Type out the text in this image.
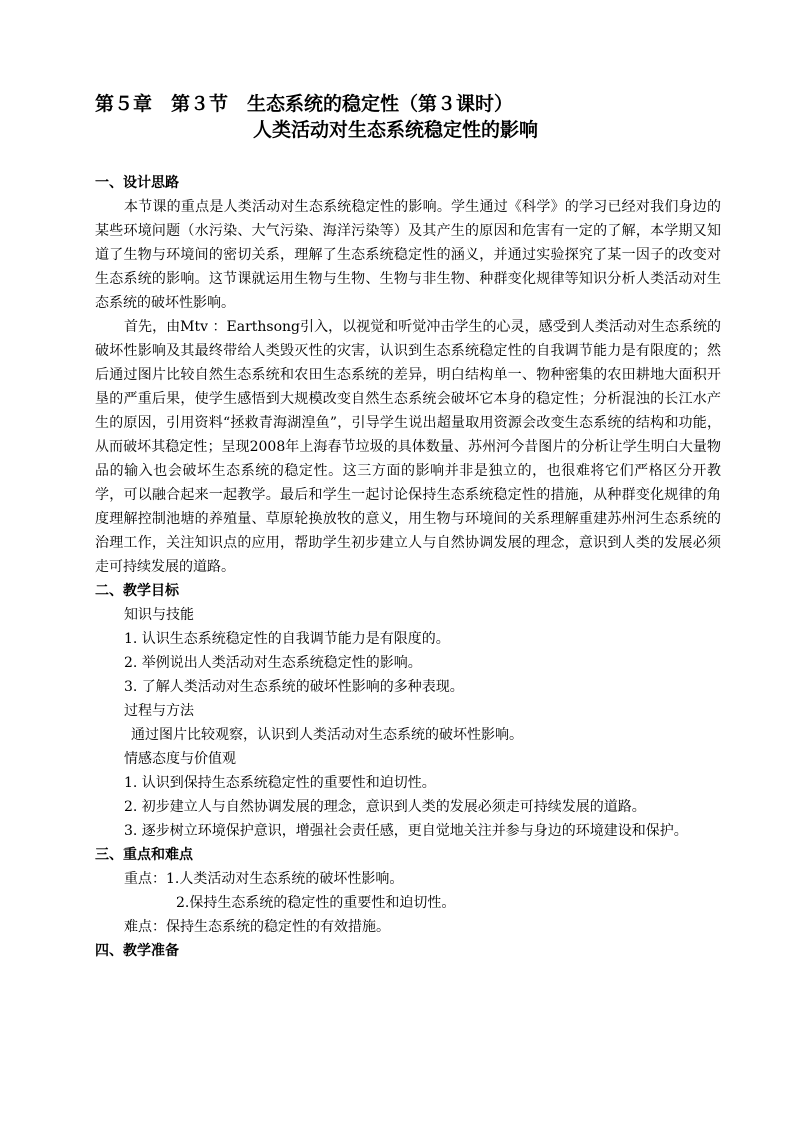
第５章　第３节　生态系统的稳定性（第３课时）
人类活动对生态系统稳定性的影响
一、设计思路
本节课的重点是人类活动对生态系统稳定性的影响。学生通过《科学》的学习已经对我们身边的某些环境问题（水污染、大气污染、海洋污染等）及其产生的原因和危害有一定的了解，本学期又知道了生物与环境间的密切关系，理解了生态系统稳定性的涵义，并通过实验探究了某一因子的改变对生态系统的影响。这节课就运用生物与生物、生物与非生物、种群变化规律等知识分析人类活动对生态系统的破坏性影响。
首先，由Mtv ：Earthsong引入，以视觉和听觉冲击学生的心灵，感受到人类活动对生态系统的破坏性影响及其最终带给人类毁灭性的灾害，认识到生态系统稳定性的自我调节能力是有限度的；然后通过图片比较自然生态系统和农田生态系统的差异，明白结构单一、物种密集的农田耕地大面积开垦的严重后果，使学生感悟到大规模改变自然生态系统会破坏它本身的稳定性；分析混浊的长江水产生的原因，引用资料“拯救青海湖湟鱼”，引导学生说出超量取用资源会改变生态系统的结构和功能，从而破坏其稳定性；呈现2008年上海春节垃圾的具体数量、苏州河今昔图片的分析让学生明白大量物品的输入也会破坏生态系统的稳定性。这三方面的影响并非是独立的，也很难将它们严格区分开教学，可以融合起来一起教学。最后和学生一起讨论保持生态系统稳定性的措施，从种群变化规律的角度理解控制池塘的养殖量、草原轮换放牧的意义，用生物与环境间的关系理解重建苏州河生态系统的治理工作，关注知识点的应用，帮助学生初步建立人与自然协调发展的理念，意识到人类的发展必须走可持续发展的道路。
二、教学目标
知识与技能
1. 认识生态系统稳定性的自我调节能力是有限度的。
2. 举例说出人类活动对生态系统稳定性的影响。
3. 了解人类活动对生态系统的破坏性影响的多种表现。
过程与方法
通过图片比较观察，认识到人类活动对生态系统的破坏性影响。
情感态度与价值观
1. 认识到保持生态系统稳定性的重要性和迫切性。
2. 初步建立人与自然协调发展的理念，意识到人类的发展必须走可持续发展的道路。
3. 逐步树立环境保护意识，增强社会责任感，更自觉地关注并参与身边的环境建设和保护。
三、重点和难点
重点：1.人类活动对生态系统的破坏性影响。
2.保持生态系统的稳定性的重要性和迫切性。
难点：保持生态系统的稳定性的有效措施。
四、教学准备
